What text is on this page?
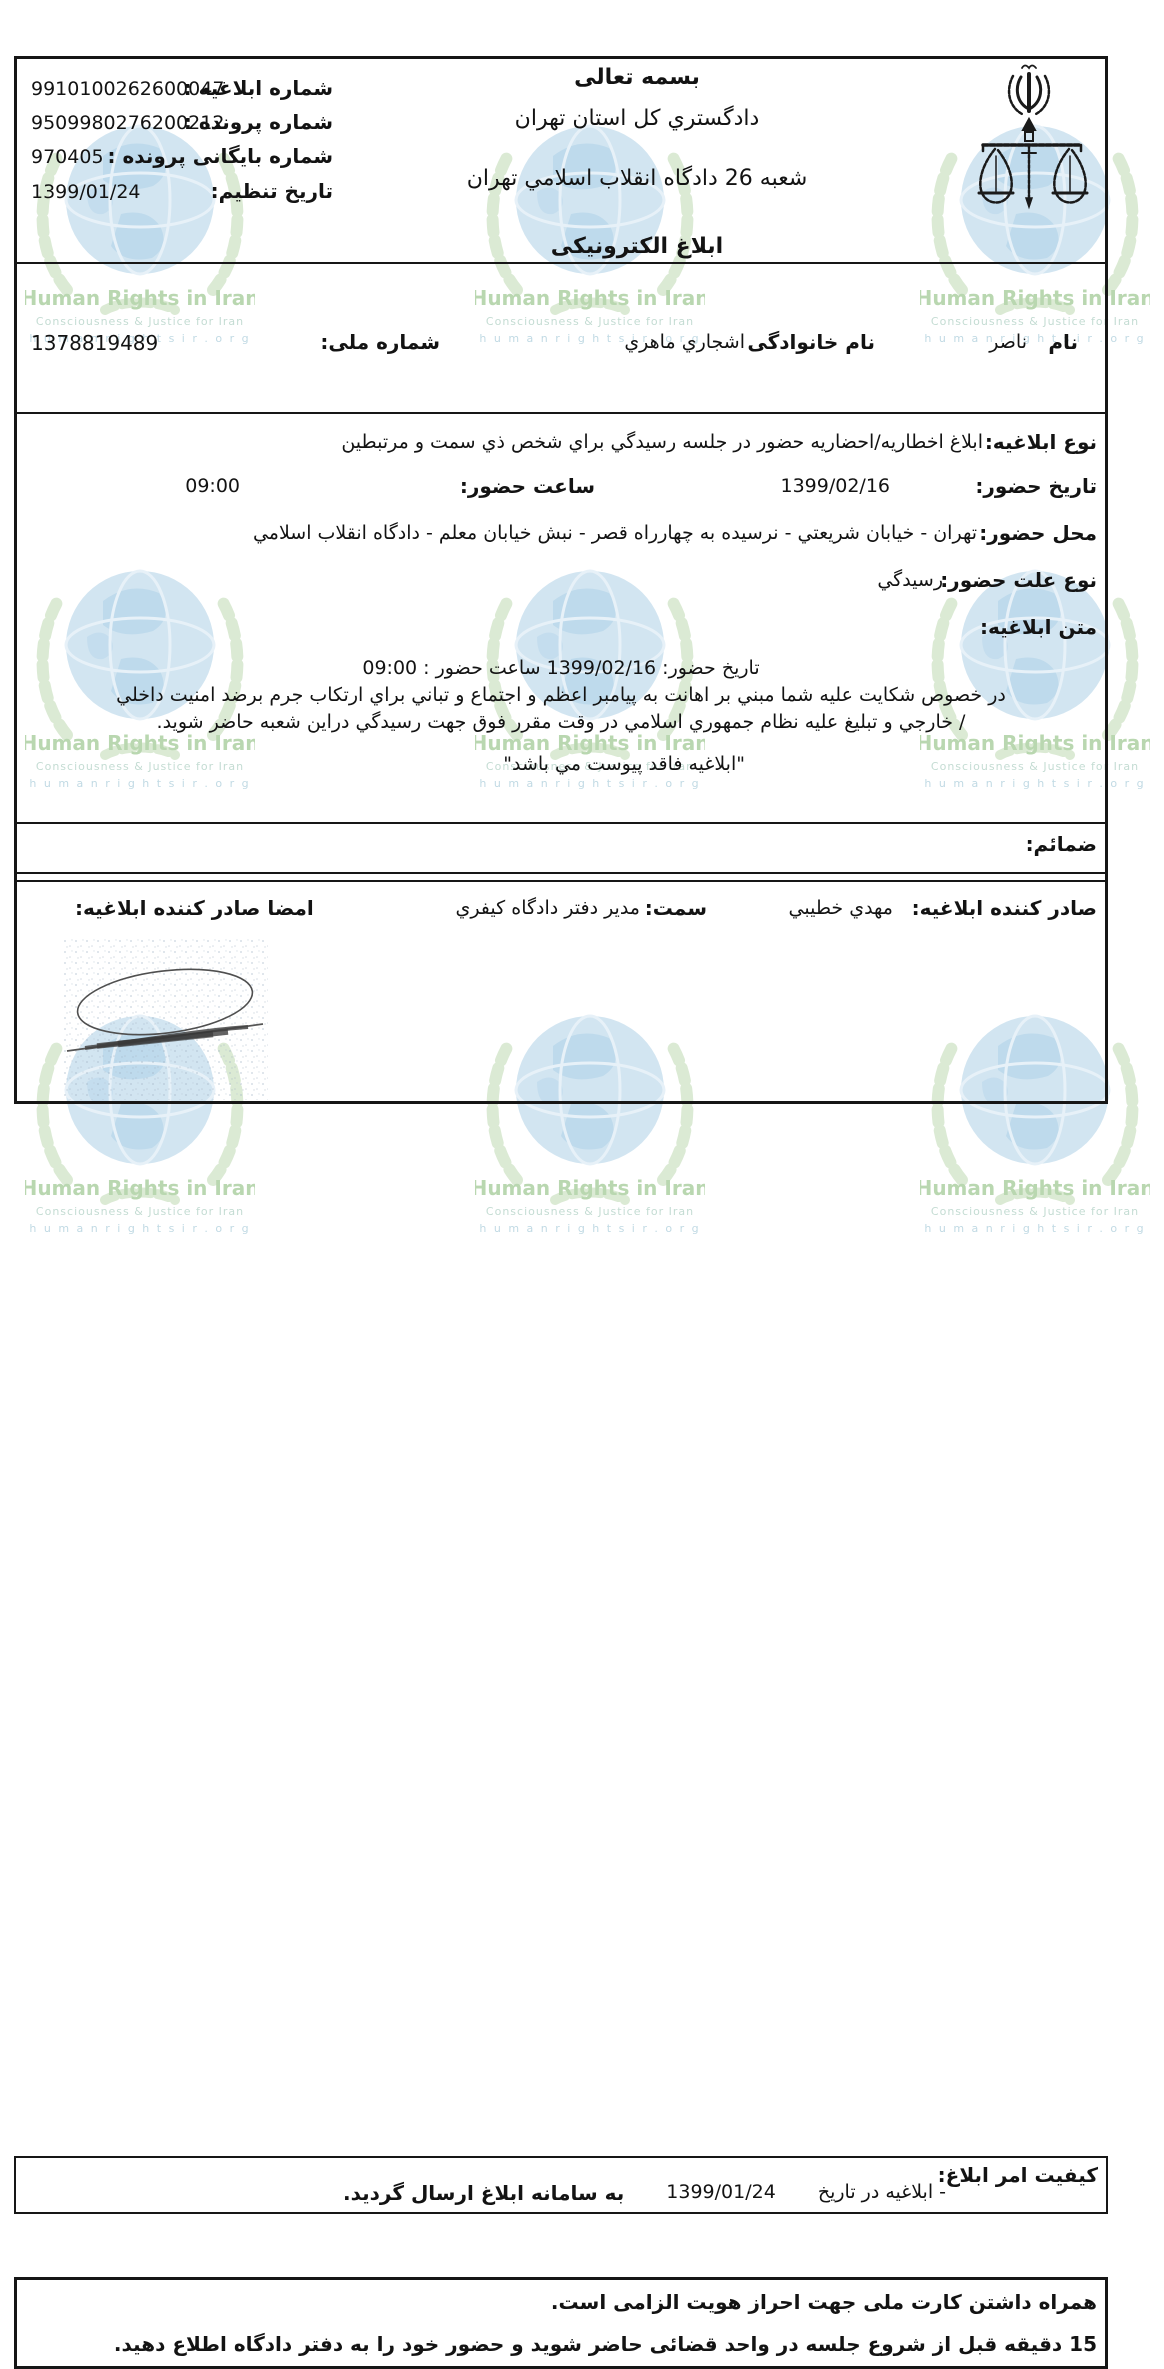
9910100262600047
شماره ابلاغیه :
9509980276200212
شماره پرونده :
970405 شماره بایگانی پرونده :
1399/01/24	تاریخ تنظیم:
بسمه تعالی
دادگستري کل استان تهران
شعبه 26 دادگاه انقلاب اسلامي تهران
ابلاغ الکترونیکی
نام
ناصر
نام خانوادگی
اشجاري ماهري
شماره ملی:
1378819489
نوع ابلاغیه:
ابلاغ اخطاریه/احضاریه حضور در جلسه رسیدگي براي شخص ذي سمت و مرتبطین
تاریخ حضور:
1399/02/16
ساعت حضور:
09:00
محل حضور:
تهران - خیابان شریعتي - نرسیده به چهارراه قصر - نبش خیابان معلم - دادگاه انقلاب اسلامي
نوع علت حضور:
رسیدگي
متن ابلاغیه:
تاریخ حضور: 1399/02/16 ساعت حضور : 09:00
در خصوص شکایت علیه شما مبني بر اهانت به پیامبر اعظم و اجتماع و تباني براي ارتکاب جرم برضد امنیت داخلي
/ خارجي و تبلیغ علیه نظام جمهوري اسلامي در وقت مقرر فوق جهت رسیدگي دراین شعبه حاضر شوید.
"ابلاغیه فاقد پیوست مي باشد"
ضمائم:
صادر کننده ابلاغیه:
مهدي خطیبي
سمت:
مدیر دفتر دادگاه کیفري
امضا صادر کننده ابلاغیه:
کیفیت امر ابلاغ:
- ابلاغیه در تاریخ
1399/01/24
به سامانه ابلاغ ارسال گردید.
همراه داشتن کارت ملی جهت احراز هویت الزامی است.
15 دقیقه قبل از شروع جلسه در واحد قضائی حاضر شوید و حضور خود را به دفتر دادگاه اطلاع دهید.
